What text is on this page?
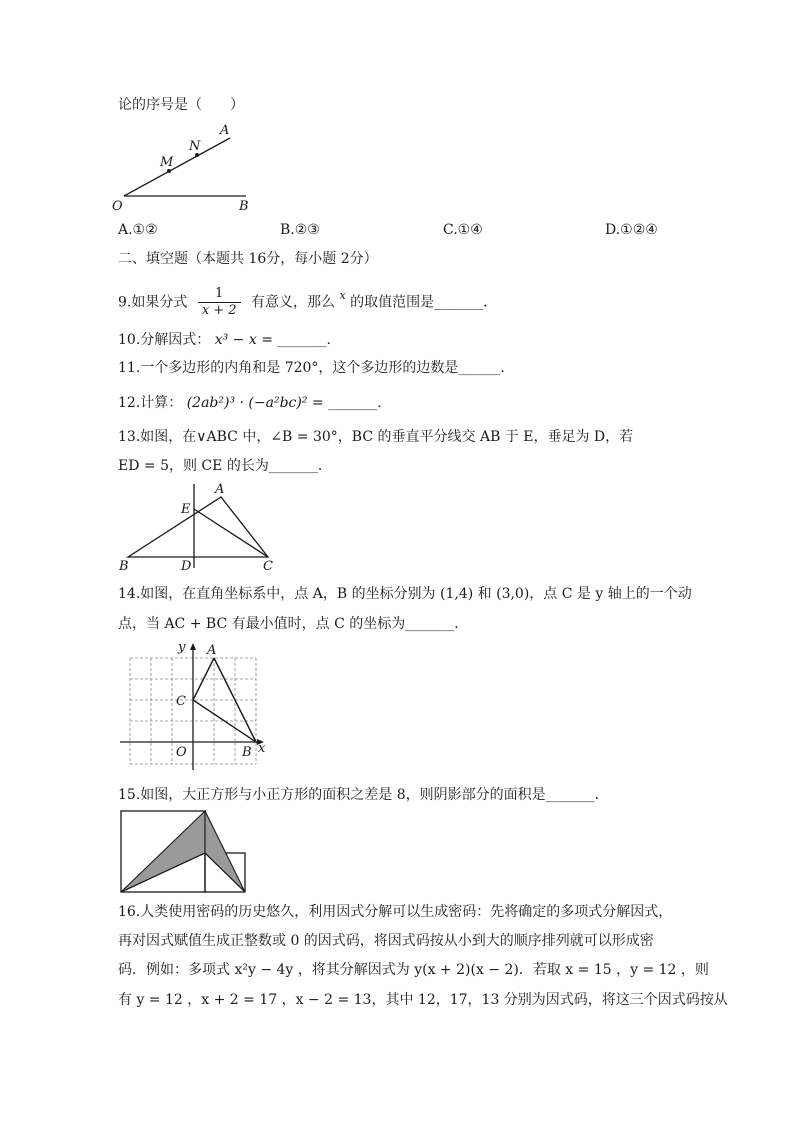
论的序号是（　　）
O	B
M
N
A
A.①②	B.②③	C.①④	D.①②④
二、填空题（本题共 16分，每小题 2分）
9.如果分式 $\frac{1}{x + 2}$ 有意义，那么 $^x$ 的取值范围是_______．
10.分解因式： x³ − x = _______．
11.一个多边形的内角和是 720°，这个多边形的边数是______．
12.计算： (2ab²)³ · (−a²bc)² = _______．
13.如图，在∨ABC 中，∠B = 30°，BC 的垂直平分线交 AB 于 E，垂足为 D，若
ED = 5，则 CE 的长为_______．
A
E
B	D	C
14.如图，在直角坐标系中，点 A，B 的坐标分别为 (1,4) 和 (3,0)，点 C 是 y 轴上的一个动
点，当 AC + BC 有最小值时，点 C 的坐标为_______．
y
x
O
A
B
C
15.如图，大正方形与小正方形的面积之差是 8，则阴影部分的面积是_______．
16.人类使用密码的历史悠久，利用因式分解可以生成密码：先将确定的多项式分解因式，
再对因式赋值生成正整数或 0 的因式码，将因式码按从小到大的顺序排列就可以形成密
码．例如：多项式 x²y − 4y ，将其分解因式为 y(x + 2)(x − 2)．若取 x = 15 ，y = 12 ，则
有 y = 12 ，x + 2 = 17 ，x − 2 = 13，其中 12，17，13 分别为因式码，将这三个因式码按从
